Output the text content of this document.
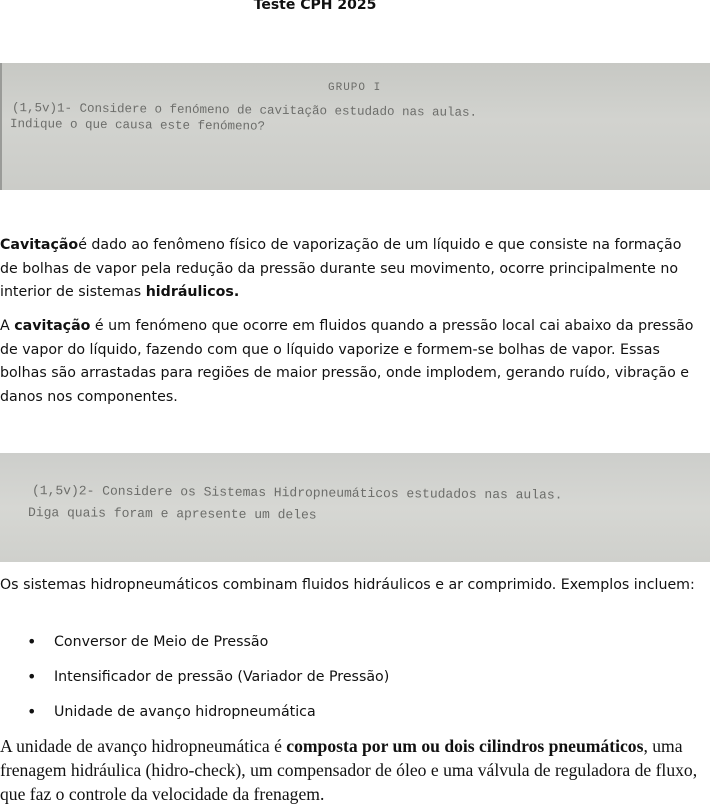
Teste CPH 2025
GRUPO I
(1,5v)1- Considere o fenómeno de cavitação estudado nas aulas.
Indique o que causa este fenómeno?

Cavitaçãoé dado ao fenômeno físico de vaporização de um líquido e que consiste na formação de bolhas de vapor pela redução da pressão durante seu movimento, ocorre principalmente no interior de sistemas hidráulicos.

A cavitação é um fenómeno que ocorre em fluidos quando a pressão local cai abaixo da pressão de vapor do líquido, fazendo com que o líquido vaporize e formem-se bolhas de vapor. Essas bolhas são arrastadas para regiões de maior pressão, onde implodem, gerando ruído, vibração e danos nos componentes.

(1,5v)2- Considere os Sistemas Hidropneumáticos estudados nas aulas.
Diga quais foram e apresente um deles

Os sistemas hidropneumáticos combinam fluidos hidráulicos e ar comprimido. Exemplos incluem:

• Conversor de Meio de Pressão
• Intensificador de pressão (Variador de Pressão)
• Unidade de avanço hidropneumática

A unidade de avanço hidropneumática é composta por um ou dois cilindros pneumáticos, uma frenagem hidráulica (hidro-check), um compensador de óleo e uma válvula de reguladora de fluxo, que faz o controle da velocidade da frenagem.
